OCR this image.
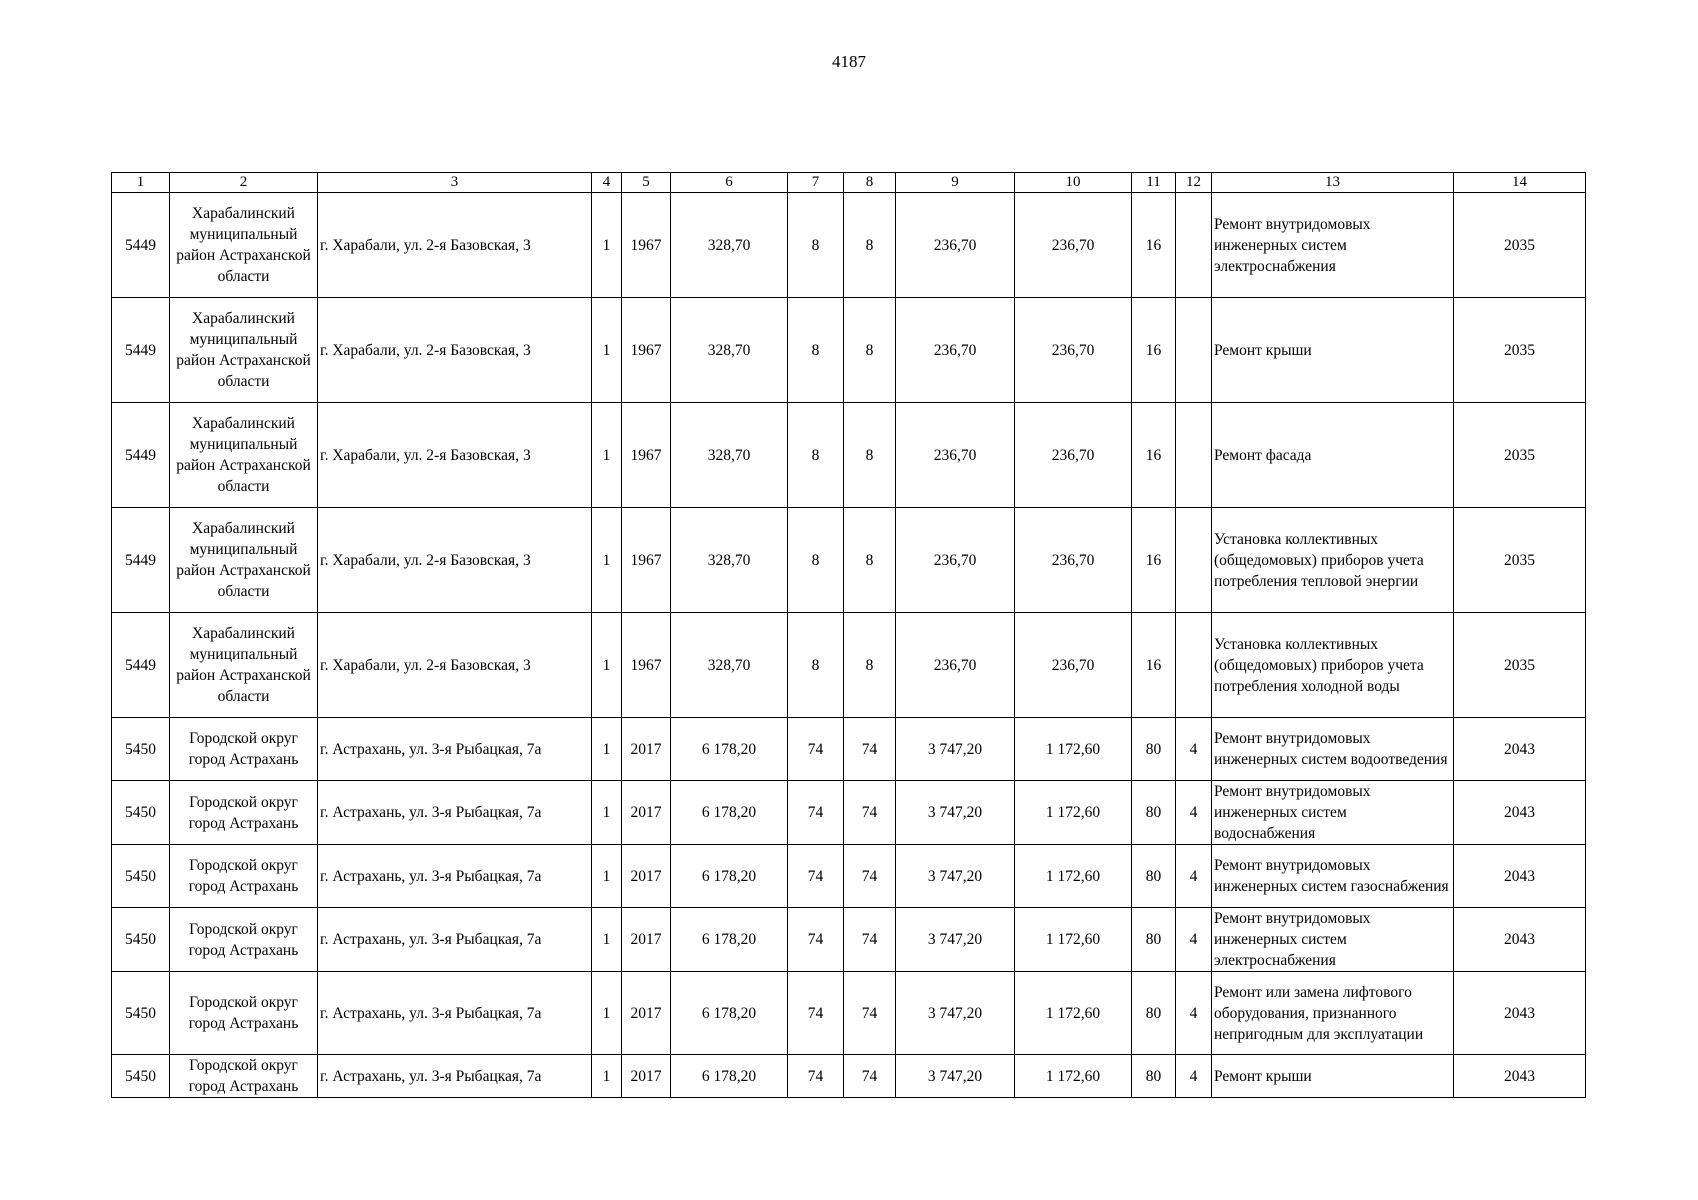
4187
1	2	3	4	5	6	7	8	9	10	11	12	13	14
5449	Харабалинский муниципальный район Астраханской области	г. Харабали, ул. 2-я Базовская, 3	1	1967	328,70	8	8	236,70	236,70	16		Ремонт внутридомовых инженерных систем электроснабжения	2035
5449	Харабалинский муниципальный район Астраханской области	г. Харабали, ул. 2-я Базовская, 3	1	1967	328,70	8	8	236,70	236,70	16		Ремонт крыши	2035
5449	Харабалинский муниципальный район Астраханской области	г. Харабали, ул. 2-я Базовская, 3	1	1967	328,70	8	8	236,70	236,70	16		Ремонт фасада	2035
5449	Харабалинский муниципальный район Астраханской области	г. Харабали, ул. 2-я Базовская, 3	1	1967	328,70	8	8	236,70	236,70	16		Установка коллективных (общедомовых) приборов учета потребления тепловой энергии	2035
5449	Харабалинский муниципальный район Астраханской области	г. Харабали, ул. 2-я Базовская, 3	1	1967	328,70	8	8	236,70	236,70	16		Установка коллективных (общедомовых) приборов учета потребления холодной воды	2035
5450	Городской округ город Астрахань	г. Астрахань, ул. 3-я Рыбацкая, 7а	1	2017	6 178,20	74	74	3 747,20	1 172,60	80	4	Ремонт внутридомовых инженерных систем водоотведения	2043
5450	Городской округ город Астрахань	г. Астрахань, ул. 3-я Рыбацкая, 7а	1	2017	6 178,20	74	74	3 747,20	1 172,60	80	4	Ремонт внутридомовых инженерных систем водоснабжения	2043
5450	Городской округ город Астрахань	г. Астрахань, ул. 3-я Рыбацкая, 7а	1	2017	6 178,20	74	74	3 747,20	1 172,60	80	4	Ремонт внутридомовых инженерных систем газоснабжения	2043
5450	Городской округ город Астрахань	г. Астрахань, ул. 3-я Рыбацкая, 7а	1	2017	6 178,20	74	74	3 747,20	1 172,60	80	4	Ремонт внутридомовых инженерных систем электроснабжения	2043
5450	Городской округ город Астрахань	г. Астрахань, ул. 3-я Рыбацкая, 7а	1	2017	6 178,20	74	74	3 747,20	1 172,60	80	4	Ремонт или замена лифтового оборудования, признанного непригодным для эксплуатации	2043
5450	Городской округ город Астрахань	г. Астрахань, ул. 3-я Рыбацкая, 7а	1	2017	6 178,20	74	74	3 747,20	1 172,60	80	4	Ремонт крыши	2043
